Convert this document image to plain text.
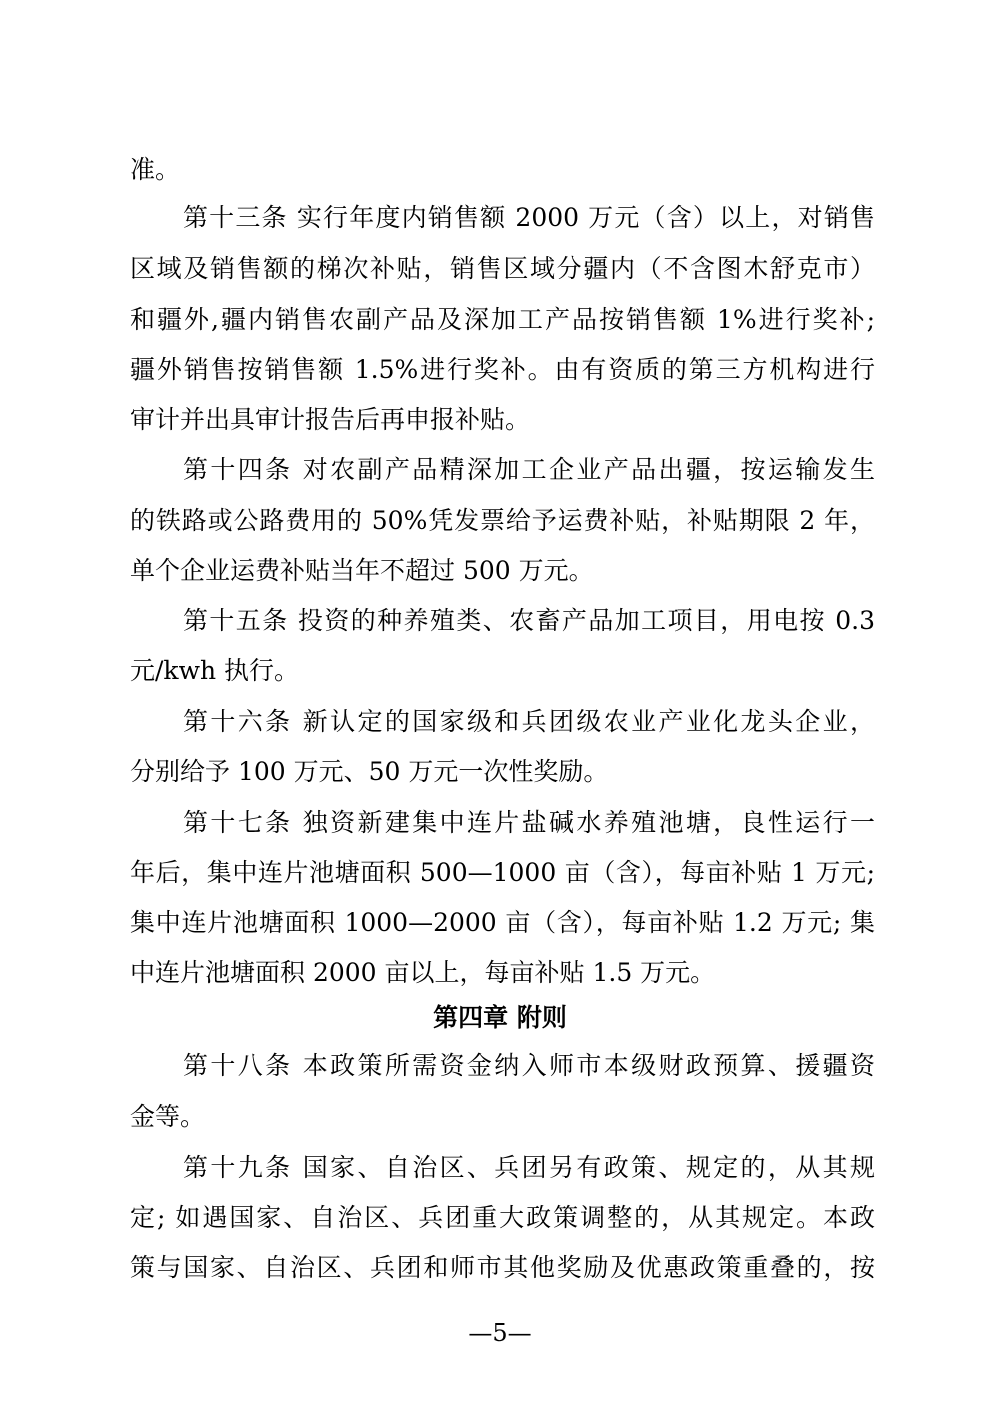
准。
第十三条 实行年度内销售额 2000 万元（含）以上，对销售
区域及销售额的梯次补贴，销售区域分疆内（不含图木舒克市）
和疆外,疆内销售农副产品及深加工产品按销售额 1%进行奖补;
疆外销售按销售额 1.5%进行奖补。由有资质的第三方机构进行
审计并出具审计报告后再申报补贴。
第十四条 对农副产品精深加工企业产品出疆，按运输发生
的铁路或公路费用的 50%凭发票给予运费补贴，补贴期限 2 年，
单个企业运费补贴当年不超过 500 万元。
第十五条 投资的种养殖类、农畜产品加工项目，用电按 0.3
元/kwh 执行。
第十六条 新认定的国家级和兵团级农业产业化龙头企业，
分别给予 100 万元、50 万元一次性奖励。
第十七条 独资新建集中连片盐碱水养殖池塘，良性运行一
年后，集中连片池塘面积 500—1000 亩（含），每亩补贴 1 万元;
集中连片池塘面积 1000—2000 亩（含），每亩补贴 1.2 万元; 集
中连片池塘面积 2000 亩以上，每亩补贴 1.5 万元。
第四章 附则
第十八条 本政策所需资金纳入师市本级财政预算、援疆资
金等。
第十九条 国家、自治区、兵团另有政策、规定的，从其规
定; 如遇国家、自治区、兵团重大政策调整的，从其规定。本政
策与国家、自治区、兵团和师市其他奖励及优惠政策重叠的，按
—5—
